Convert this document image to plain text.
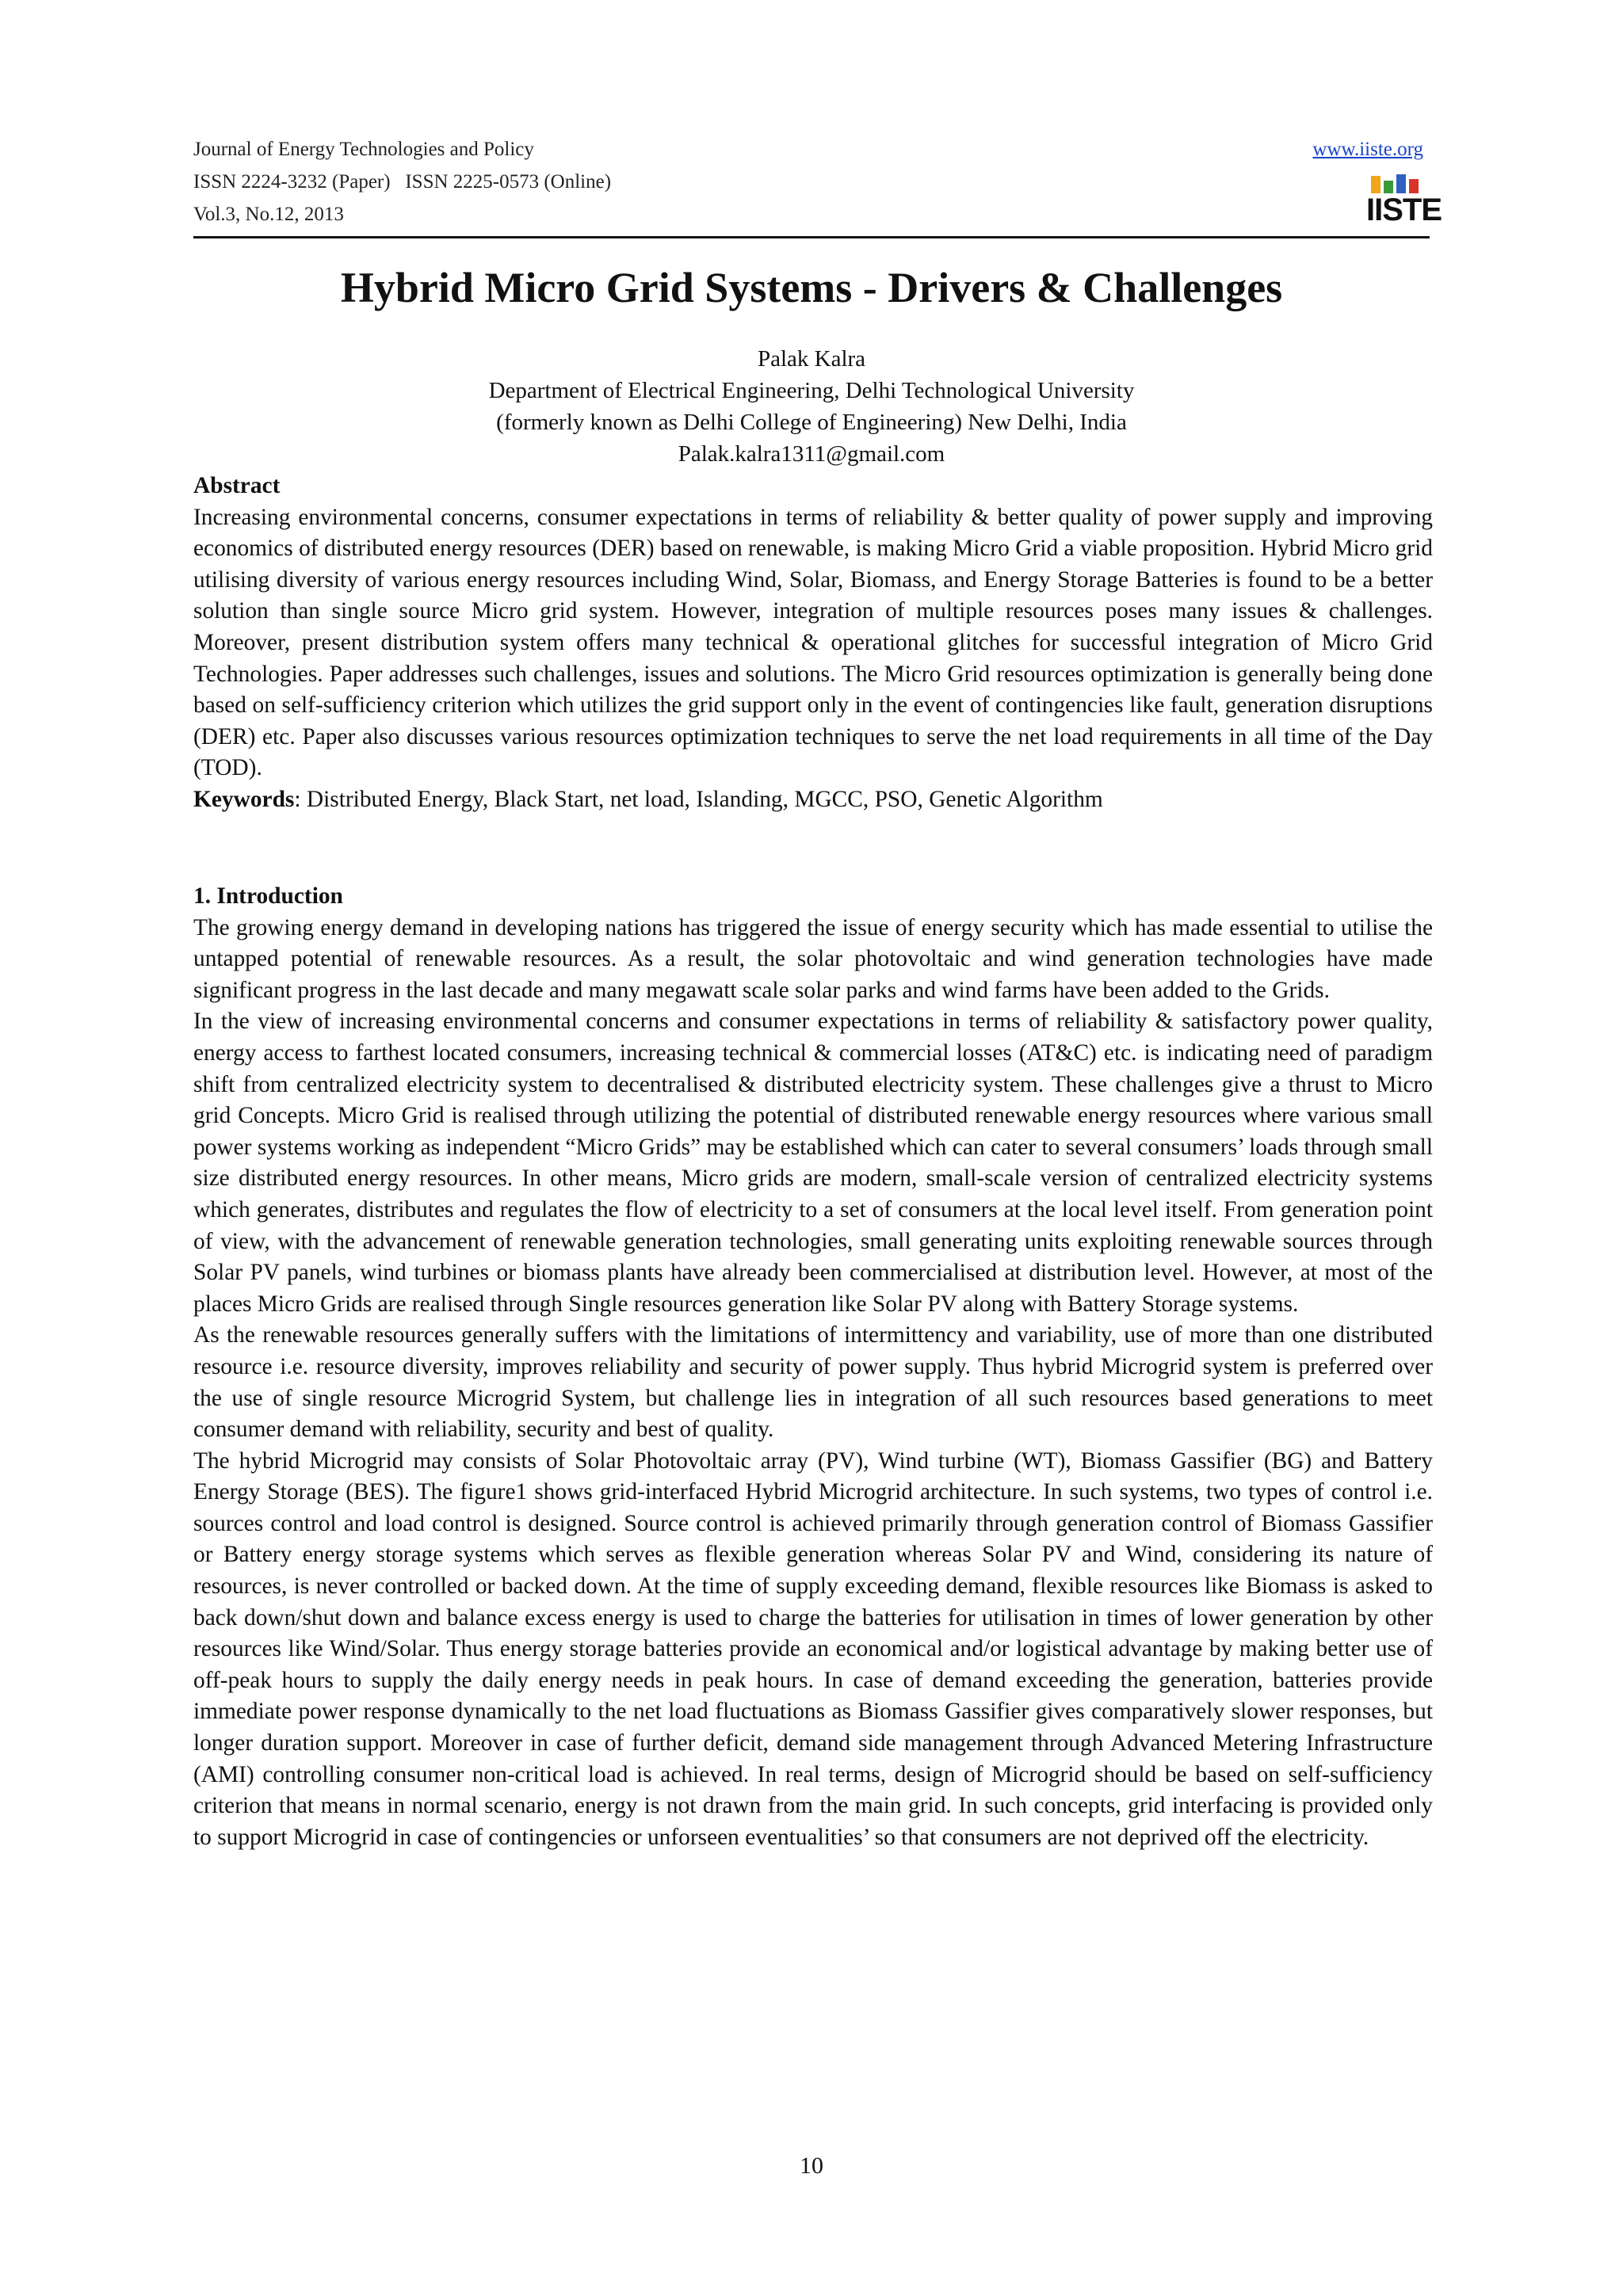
Journal of Energy Technologies and Policy
ISSN 2224-3232 (Paper)   ISSN 2225-0573 (Online)
Vol.3, No.12, 2013
www.iiste.org
IISTE
Hybrid Micro Grid Systems - Drivers & Challenges
Palak Kalra
Department of Electrical Engineering, Delhi Technological University
(formerly known as Delhi College of Engineering) New Delhi, India
Palak.kalra1311@gmail.com
Abstract
Increasing environmental concerns, consumer expectations in terms of reliability & better quality of power supply and improving economics of distributed energy resources (DER) based on renewable, is making Micro Grid a viable proposition. Hybrid Micro grid utilising diversity of various energy resources including Wind, Solar, Biomass, and Energy Storage Batteries is found to be a better solution than single source Micro grid system. However, integration of multiple resources poses many issues & challenges. Moreover, present distribution system offers many technical & operational glitches for successful integration of Micro Grid Technologies. Paper addresses such challenges, issues and solutions. The Micro Grid resources optimization is generally being done based on self-sufficiency criterion which utilizes the grid support only in the event of contingencies like fault, generation disruptions (DER) etc. Paper also discusses various resources optimization techniques to serve the net load requirements in all time of the Day (TOD).
Keywords: Distributed Energy, Black Start, net load, Islanding, MGCC, PSO, Genetic Algorithm
1. Introduction
The growing energy demand in developing nations has triggered the issue of energy security which has made essential to utilise the untapped potential of renewable resources. As a result, the solar photovoltaic and wind generation technologies have made significant progress in the last decade and many megawatt scale solar parks and wind farms have been added to the Grids.
In the view of increasing environmental concerns and consumer expectations in terms of reliability & satisfactory power quality, energy access to farthest located consumers, increasing technical & commercial losses (AT&C) etc. is indicating need of paradigm shift from centralized electricity system to decentralised & distributed electricity system. These challenges give a thrust to Micro grid Concepts. Micro Grid is realised through utilizing the potential of distributed renewable energy resources where various small power systems working as independent “Micro Grids” may be established which can cater to several consumers’ loads through small size distributed energy resources. In other means, Micro grids are modern, small-scale version of centralized electricity systems which generates, distributes and regulates the flow of electricity to a set of consumers at the local level itself. From generation point of view, with the advancement of renewable generation technologies, small generating units exploiting renewable sources through Solar PV panels, wind turbines or biomass plants have already been commercialised at distribution level. However, at most of the places Micro Grids are realised through Single resources generation like Solar PV along with Battery Storage systems.
As the renewable resources generally suffers with the limitations of intermittency and variability, use of more than one distributed resource i.e. resource diversity, improves reliability and security of power supply. Thus hybrid Microgrid system is preferred over the use of single resource Microgrid System, but challenge lies in integration of all such resources based generations to meet consumer demand with reliability, security and best of quality.
The hybrid Microgrid may consists of Solar Photovoltaic array (PV), Wind turbine (WT), Biomass Gassifier (BG) and Battery Energy Storage (BES). The figure1 shows grid-interfaced Hybrid Microgrid architecture. In such systems, two types of control i.e. sources control and load control is designed. Source control is achieved primarily through generation control of Biomass Gassifier or Battery energy storage systems which serves as flexible generation whereas Solar PV and Wind, considering its nature of resources, is never controlled or backed down. At the time of supply exceeding demand, flexible resources like Biomass is asked to back down/shut down and balance excess energy is used to charge the batteries for utilisation in times of lower generation by other resources like Wind/Solar. Thus energy storage batteries provide an economical and/or logistical advantage by making better use of off-peak hours to supply the daily energy needs in peak hours. In case of demand exceeding the generation, batteries provide immediate power response dynamically to the net load fluctuations as Biomass Gassifier gives comparatively slower responses, but longer duration support. Moreover in case of further deficit, demand side management through Advanced Metering Infrastructure (AMI) controlling consumer non-critical load is achieved. In real terms, design of Microgrid should be based on self-sufficiency criterion that means in normal scenario, energy is not drawn from the main grid. In such concepts, grid interfacing is provided only to support Microgrid in case of contingencies or unforseen eventualities’ so that consumers are not deprived off the electricity.
10
